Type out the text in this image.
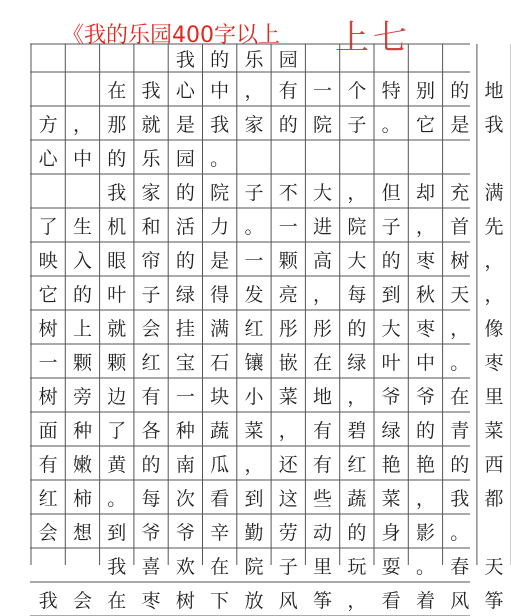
《我的乐园400字以上 上七
我 的 乐 园
在 我 心 中 ， 有 一 个 特 别 的 地
方 ， 那 就 是 我 家 的 院 子 。 它 是 我
心 中 的 乐 园 。
我 家 的 院 子 不 大 ， 但 却 充 满
了 生 机 和 活 力 。 一 进 院 子 ， 首 先
映 入 眼 帘 的 是 一 颗 高 大 的 枣 树 ，
它 的 叶 子 绿 得 发 亮 ， 每 到 秋 天 ，
树 上 就 会 挂 满 红 彤 彤 的 大 枣 ， 像
一 颗 颗 红 宝 石 镶 嵌 在 绿 叶 中 。 枣
树 旁 边 有 一 块 小 菜 地 ， 爷 爷 在 里
面 种 了 各 种 蔬 菜 ， 有 碧 绿 的 青 菜
有 嫩 黄 的 南 瓜 ， 还 有 红 艳 艳 的 西
红 柿 。 每 次 看 到 这 些 蔬 菜 ， 我 都
会 想 到 爷 爷 辛 勤 劳 动 的 身 影 。
我 喜 欢 在 院 子 里 玩 耍 。 春 天
我 会 在 枣 树 下 放 风 筝 ， 看 着 风 筝
